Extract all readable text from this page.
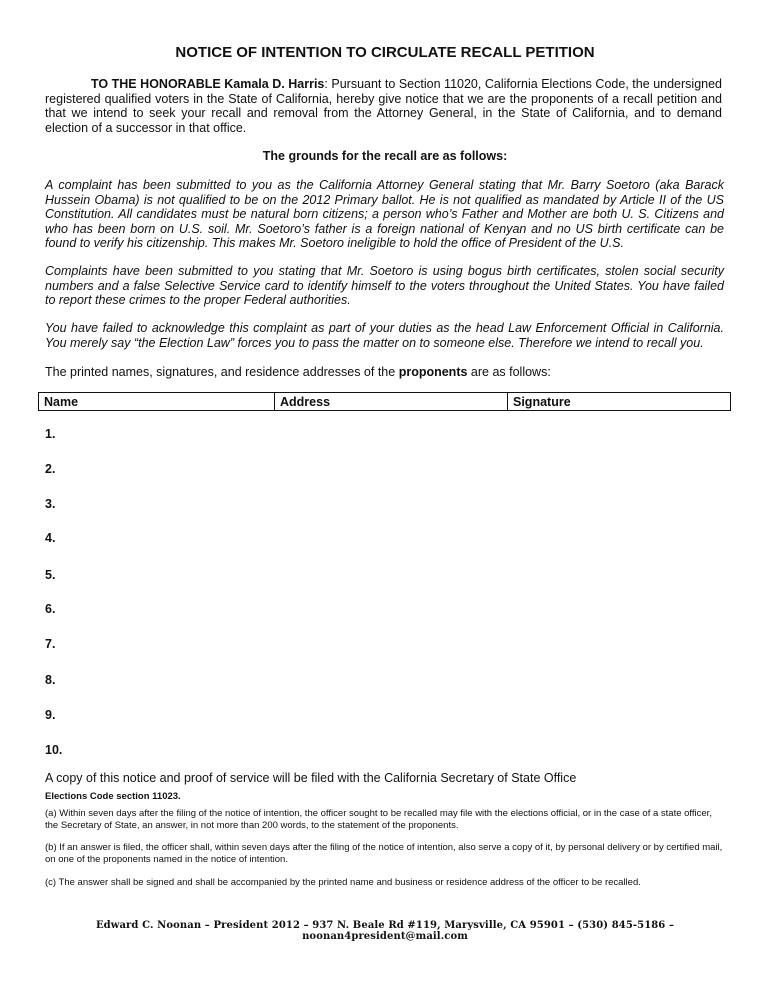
NOTICE OF INTENTION TO CIRCULATE RECALL PETITION
TO THE HONORABLE Kamala D. Harris: Pursuant to Section 11020, California Elections Code, the undersigned registered qualified voters in the State of California, hereby give notice that we are the proponents of a recall petition and that we intend to seek your recall and removal from the Attorney General, in the State of California, and to demand election of a successor in that office.
The grounds for the recall are as follows:
A complaint has been submitted to you as the California Attorney General stating that Mr. Barry Soetoro (aka Barack Hussein Obama) is not qualified to be on the 2012 Primary ballot. He is not qualified as mandated by Article II of the US Constitution. All candidates must be natural born citizens; a person who’s Father and Mother are both U. S. Citizens and who has been born on U.S. soil. Mr. Soetoro’s father is a foreign national of Kenyan and no US birth certificate can be found to verify his citizenship. This makes Mr. Soetoro ineligible to hold the office of President of the U.S.
Complaints have been submitted to you stating that Mr. Soetoro is using bogus birth certificates, stolen social security numbers and a false Selective Service card to identify himself to the voters throughout the United States. You have failed to report these crimes to the proper Federal authorities.
You have failed to acknowledge this complaint as part of your duties as the head Law Enforcement Official in California. You merely say “the Election Law” forces you to pass the matter on to someone else. Therefore we intend to recall you.
The printed names, signatures, and residence addresses of the proponents are as follows:
Name	Address	Signature
1.
2.
3.
4.
5.
6.
7.
8.
9.
10.
A copy of this notice and proof of service will be filed with the California Secretary of State Office
Elections Code section 11023.
(a) Within seven days after the filing of the notice of intention, the officer sought to be recalled may file with the elections official, or in the case of a state officer, the Secretary of State, an answer, in not more than 200 words, to the statement of the proponents.
(b) If an answer is filed, the officer shall, within seven days after the filing of the notice of intention, also serve a copy of it, by personal delivery or by certified mail, on one of the proponents named in the notice of intention.
(c) The answer shall be signed and shall be accompanied by the printed name and business or residence address of the officer to be recalled.
Edward C. Noonan – President 2012 – 937 N. Beale Rd #119, Marysville, CA 95901 – (530) 845-5186 – noonan4president@mail.com
